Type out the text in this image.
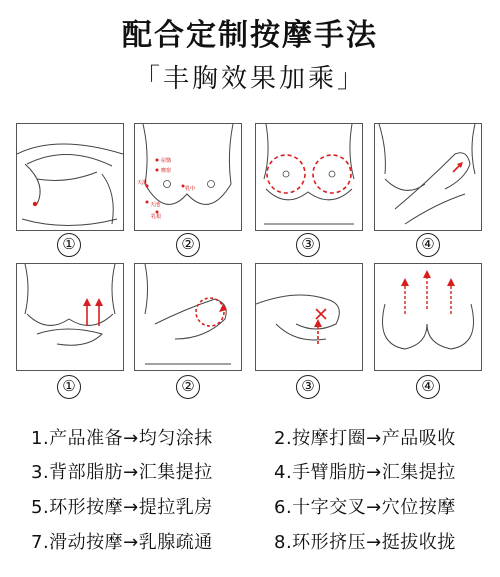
配合定制按摩手法
「丰胸效果加乘」
屋翳
膺窗
天溪
乳中
天池
乳根
①	②	③	④
①	②	③	④
1.产品准备→均匀涂抹	2.按摩打圈→产品吸收
3.背部脂肪→汇集提拉	4.手臂脂肪→汇集提拉
5.环形按摩→提拉乳房	6.十字交叉→穴位按摩
7.滑动按摩→乳腺疏通	8.环形挤压→挺拔收拢
